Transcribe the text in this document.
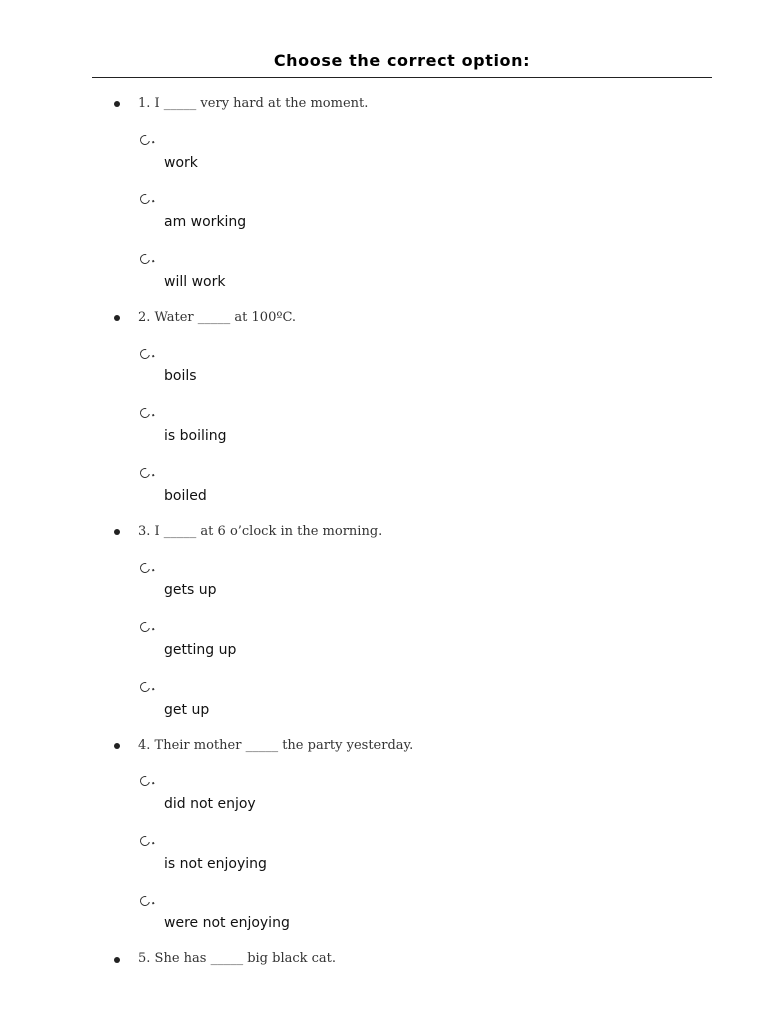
Choose the correct option:
1. I _____ very hard at the moment.
work
am working
will work
2. Water _____ at 100ºC.
boils
is boiling
boiled
3. I _____ at 6 o’clock in the morning.
gets up
getting up
get up
4. Their mother _____ the party yesterday.
did not enjoy
is not enjoying
were not enjoying
5. She has _____ big black cat.
